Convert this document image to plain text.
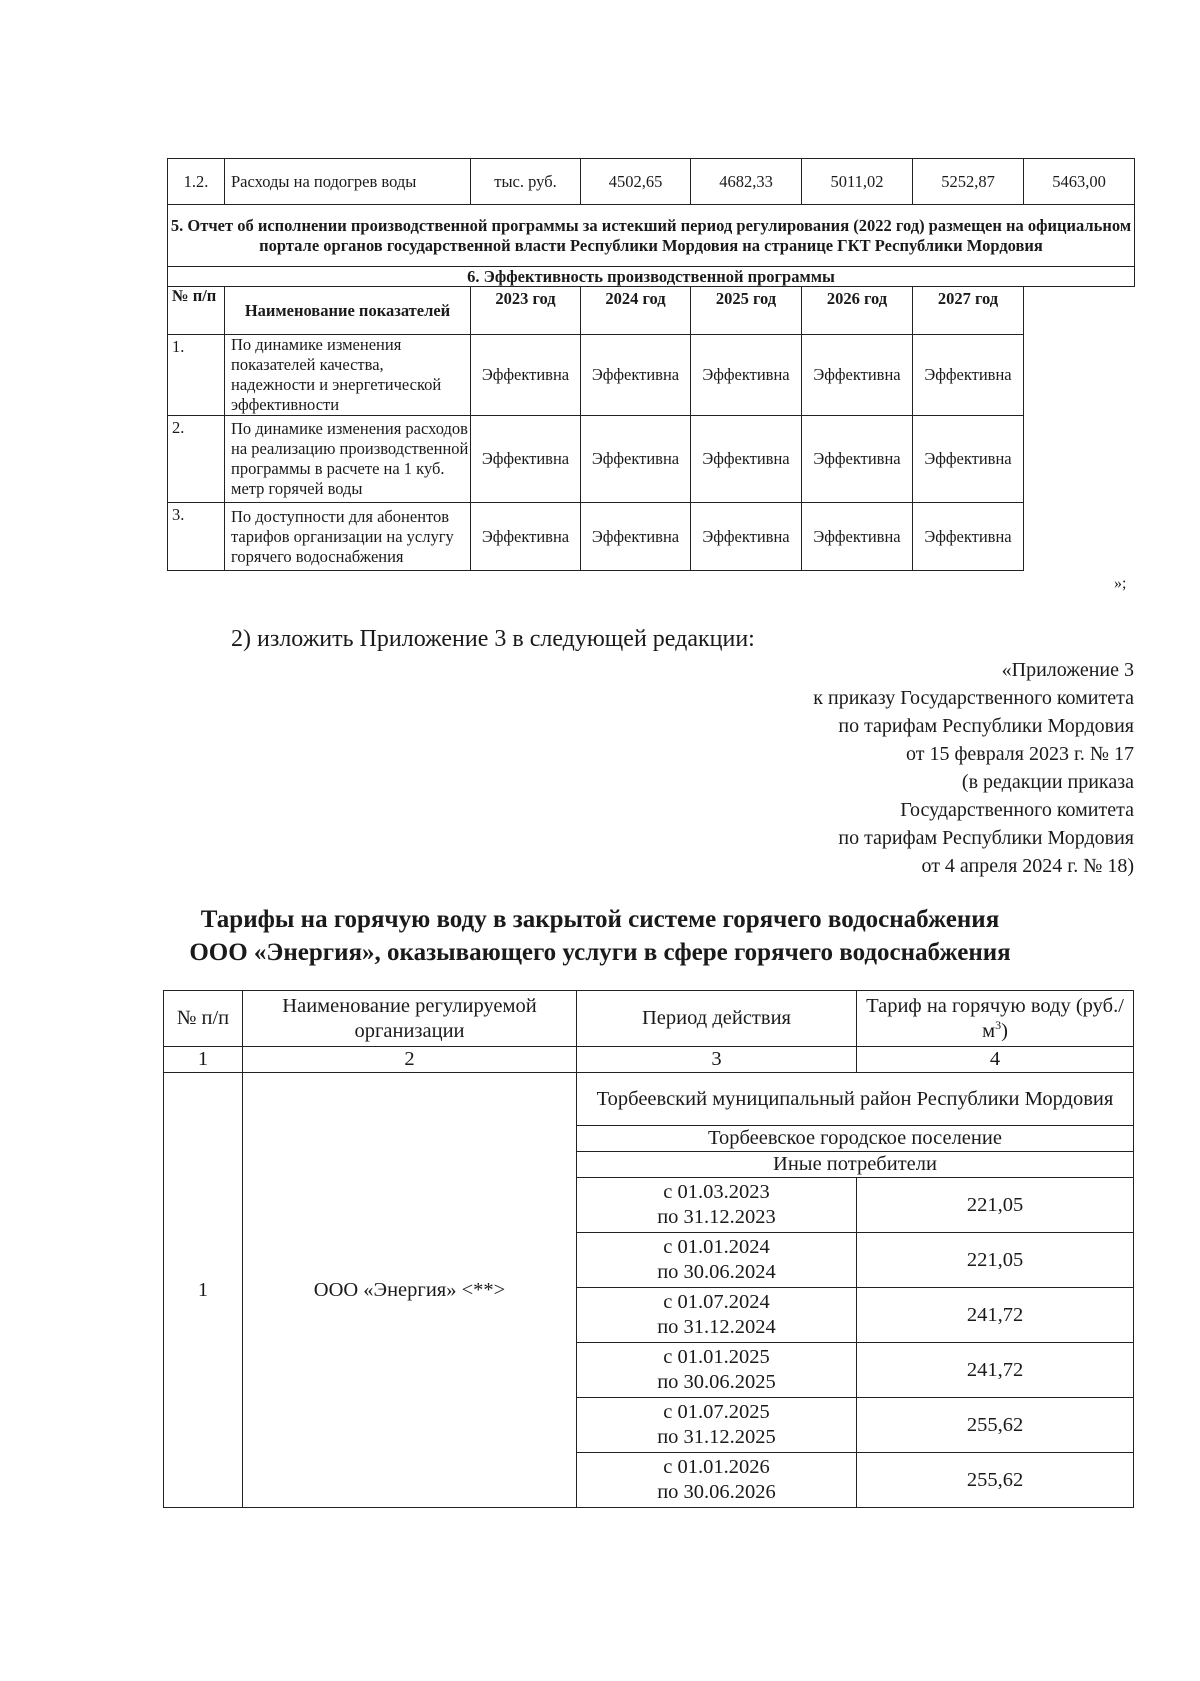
1.2.	Расходы на подогрев воды	тыс. руб.	4502,65	4682,33	5011,02	5252,87	5463,00
5. Отчет об исполнении производственной программы за истекший период регулирования (2022 год) размещен на официальном портале органов государственной власти Республики Мордовия на странице ГКТ Республики Мордовия							
6. Эффективность производственной программы							
№ п/п	Наименование показателей	2023 год	2024 год	2025 год	2026 год	2027 год	
1.	По динамике изменения показателей качества, надежности и энергетической эффективности	Эффективна	Эффективна	Эффективна	Эффективна	Эффективна	
2.	По динамике изменения расходов на реализацию производственной программы в расчете на 1 куб. метр горячей воды	Эффективна	Эффективна	Эффективна	Эффективна	Эффективна	
3.	По доступности для абонентов тарифов организации на услугу горячего водоснабжения	Эффективна	Эффективна	Эффективна	Эффективна	Эффективна	
»;
2) изложить Приложение 3 в следующей редакции:
«Приложение 3
к приказу Государственного комитета
по тарифам Республики Мордовия
от 15 февраля 2023 г. № 17
(в редакции приказа
Государственного комитета
по тарифам Республики Мордовия
от 4 апреля 2024 г. № 18)
Тарифы на горячую воду в закрытой системе горячего водоснабжения
ООО «Энергия», оказывающего услуги в сфере горячего водоснабжения
№ п/п	Наименование регулируемой организации	Период действия	Тариф на горячую воду $(руб./м^3)$
1	2	3	4
1	ООО «Энергия» <**>	Торбеевский муниципальный район Республики Мордовия	
		Торбеевское городское поселение	
		Иные потребители	

		с 01.03.2023
по 31.12.2023	221,05

		с 01.01.2024
по 30.06.2024	221,05

		с 01.07.2024
по 31.12.2024	241,72

		с 01.01.2025
по 30.06.2025	241,72

		с 01.07.2025
по 31.12.2025	255,62

		с 01.01.2026
по 30.06.2026	255,62
